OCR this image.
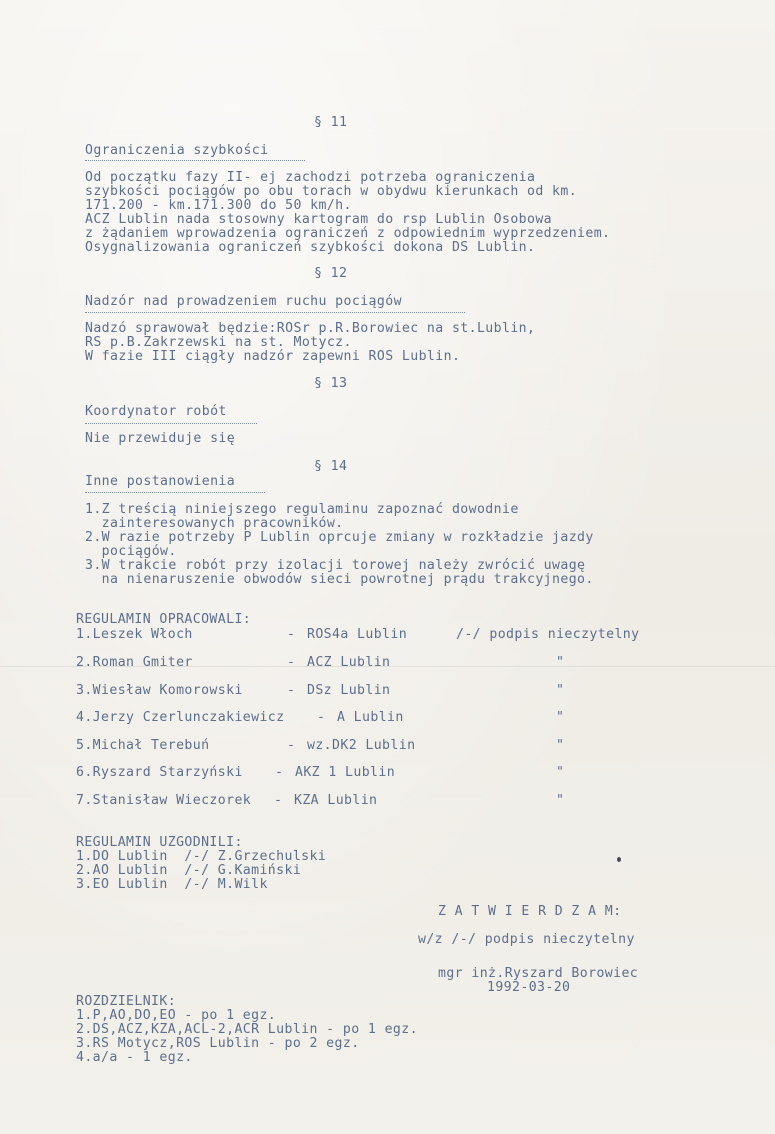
§ 11
Ograniczenia szybkości
Od początku fazy II- ej zachodzi potrzeba ograniczenia
szybkości pociągów po obu torach w obydwu kierunkach od km.
171.200 - km.171.300 do 50 km/h.
ACZ Lublin nada stosowny kartogram do rsp Lublin Osobowa
z żądaniem wprowadzenia ograniczeń z odpowiednim wyprzedzeniem.
Osygnalizowania ograniczeń szybkości dokona DS Lublin.
§ 12
Nadzór nad prowadzeniem ruchu pociągów
Nadzó sprawował będzie:ROSr p.R.Borowiec na st.Lublin,
RS p.B.Zakrzewski na st. Motycz.
W fazie III ciągły nadzór zapewni ROS Lublin.
§ 13
Koordynator robót
Nie przewiduje się
§ 14
Inne postanowienia
1.Z treścią niniejszego regulaminu zapoznać dowodnie
zainteresowanych pracowników.
2.W razie potrzeby P Lublin oprcuje zmiany w rozkładzie jazdy
pociągów.
3.W trakcie robót przy izolacji torowej należy zwrócić uwagę
na nienaruszenie obwodów sieci powrotnej prądu trakcyjnego.
REGULAMIN OPRACOWALI:
1.Leszek Włoch	- ROS4a Lublin	/-/ podpis nieczytelny
2.Roman Gmiter	- ACZ Lublin	"
3.Wiesław Komorowski	- DSz Lublin	"
4.Jerzy Czerlunczakiewicz - A Lublin	"
5.Michał Terebuń	- wz.DK2 Lublin	"
6.Ryszard Starzyński - AKZ 1 Lublin	"
7.Stanisław Wieczorek - KZA Lublin	"
REGULAMIN UZGODNILI:
1.DO Lublin  /-/ Z.Grzechulski
2.AO Lublin  /-/ G.Kamiński
3.EO Lublin  /-/ M.Wilk
Z A T W I E R D Z A M:
w/z /-/ podpis nieczytelny
mgr inż.Ryszard Borowiec
1992-03-20
ROZDZIELNIK:
1.P,AO,DO,EO - po 1 egz.
2.DS,ACZ,KZA,ACL-2,ACR Lublin - po 1 egz.
3.RS Motycz,ROS Lublin - po 2 egz.
4.a/a - 1 egz.
